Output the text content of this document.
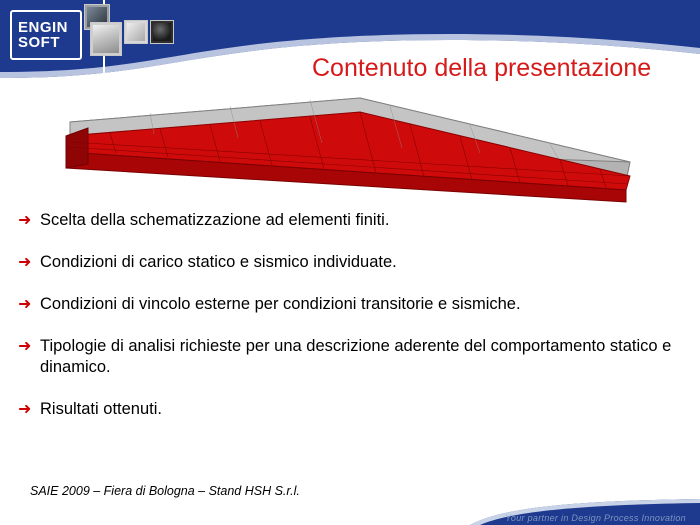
ENGIN
SOFT
Contenuto della presentazione
➜ Scelta della schematizzazione ad elementi finiti.
➜ Condizioni di carico statico e sismico individuate.
➜ Condizioni di vincolo esterne per condizioni transitorie e sismiche.
➜ Tipologie di analisi richieste per una descrizione aderente del comportamento statico e dinamico.
➜ Risultati ottenuti.
SAIE 2009 – Fiera di Bologna – Stand HSH S.r.l.
Your partner in Design Process Innovation
